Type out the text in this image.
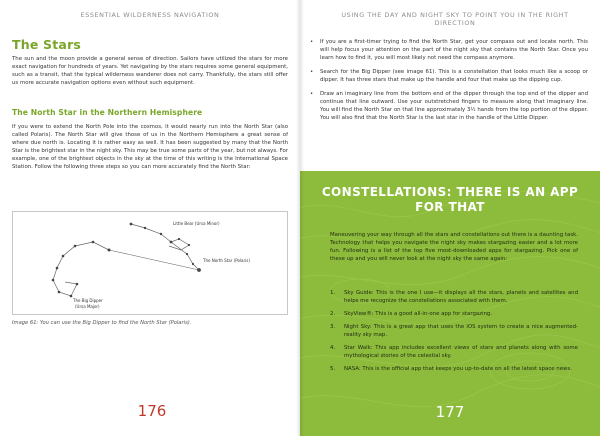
ESSENTIAL WILDERNESS NAVIGATION
The Stars

The sun and the moon provide a general sense of direction. Sailors have utilized the stars for more exact navigation for hundreds of years. Yet navigating by the stars requires some general equipment, such as a transit, that the typical wilderness wanderer does not carry. Thankfully, the stars still offer us more accurate navigation options even without such equipment.

The North Star in the Northern Hemisphere

If you were to extend the North Pole into the cosmos, it would nearly run into the North Star (also called Polaris). The North Star will give those of us in the Northern Hemisphere a great sense of where due north is. Locating it is rather easy as well. It has been suggested by many that the North Star is the brightest star in the night sky. This may be true some parts of the year, but not always. For example, one of the brightest objects in the sky at the time of this writing is the International Space Station. Follow the following three steps so you can more accurately find the North Star:

Little Bear (Ursa Minor)
The North Star (Polaris)
The Big Dipper
(Ursa Major)
Image 61: You can use the Big Dipper to find the North Star (Polaris).
176
USING THE DAY AND NIGHT SKY TO POINT YOU IN THE RIGHT DIRECTION
• If you are a first-timer trying to find the North Star, get your compass out and locate north. This will help focus your attention on the part of the night sky that contains the North Star. Once you learn how to find it, you will most likely not need the compass anymore.
• Search for the Big Dipper (see image 61). This is a constellation that looks much like a scoop or dipper. It has three stars that make up the handle and four that make up the dipping cup.
• Draw an imaginary line from the bottom end of the dipper through the top end of the dipper and continue that line outward. Use your outstretched fingers to measure along that imaginary line. You will find the North Star on that line approximately 3½ hands from the top portion of the dipper. You will also find that the North Star is the last star in the handle of the Little Dipper.
CONSTELLATIONS: THERE IS AN APP FOR THAT

Maneuvering your way through all the stars and constellations out there is a daunting task. Technology that helps you navigate the night sky makes stargazing easier and a lot more fun. Following is a list of the top five most-downloaded apps for stargazing. Pick one of these up and you will never look at the night sky the same again:

1. Sky Guide: This is the one I use—it displays all the stars, planets and satellites and helps me recognize the constellations associated with them.
2. SkyView®: This is a good all-in-one app for stargazing.
3. Night Sky: This is a great app that uses the iOS system to create a nice augmented-reality sky map.
4. Star Walk: This app includes excellent views of stars and planets along with some mythological stories of the celestial sky.
5. NASA: This is the official app that keeps you up-to-date on all the latest space news.
177
